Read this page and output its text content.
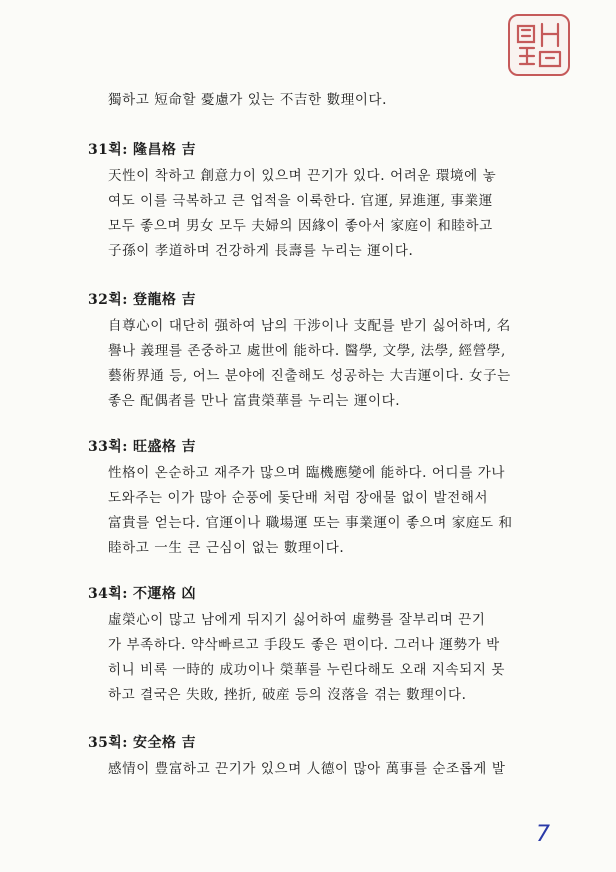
獨하고 短命할 憂慮가 있는 不吉한 數理이다.
31획: 隆昌格 吉
天性이 착하고 創意力이 있으며 끈기가 있다. 어려운 環境에 놓
여도 이를 극복하고 큰 업적을 이룩한다. 官運, 昇進運, 事業運
모두 좋으며 男女 모두 夫婦의 因緣이 좋아서 家庭이 和睦하고
子孫이 孝道하며 건강하게 長壽를 누리는 運이다.
32획: 登龍格 吉
自尊心이 대단히 强하여 남의 干涉이나 支配를 받기 싫어하며, 名
譽나 義理를 존중하고 處世에 能하다. 醫學, 文學, 法學, 經營學,
藝術界通 등, 어느 분야에 진출해도 성공하는 大吉運이다. 女子는
좋은 配偶者를 만나 富貴榮華를 누리는 運이다.
33획: 旺盛格 吉
性格이 온순하고 재주가 많으며 臨機應變에 能하다. 어디를 가나
도와주는 이가 많아 순풍에 돛단배 처럼 장애물 없이 발전해서
富貴를 얻는다. 官運이나 職場運 또는 事業運이 좋으며 家庭도 和
睦하고 一生 큰 근심이 없는 數理이다.
34획: 不運格 凶
虛榮心이 많고 남에게 뒤지기 싫어하여 虛勢를 잘부리며 끈기
가 부족하다. 약삭빠르고 手段도 좋은 편이다. 그러나 運勢가 박
히니 비록 一時的 成功이나 榮華를 누린다해도 오래 지속되지 못
하고 결국은 失敗, 挫折, 破産 등의 沒落을 겪는 數理이다.
35획: 安全格 吉
感情이 豊富하고 끈기가 있으며 人德이 많아 萬事를 순조롭게 발
7
